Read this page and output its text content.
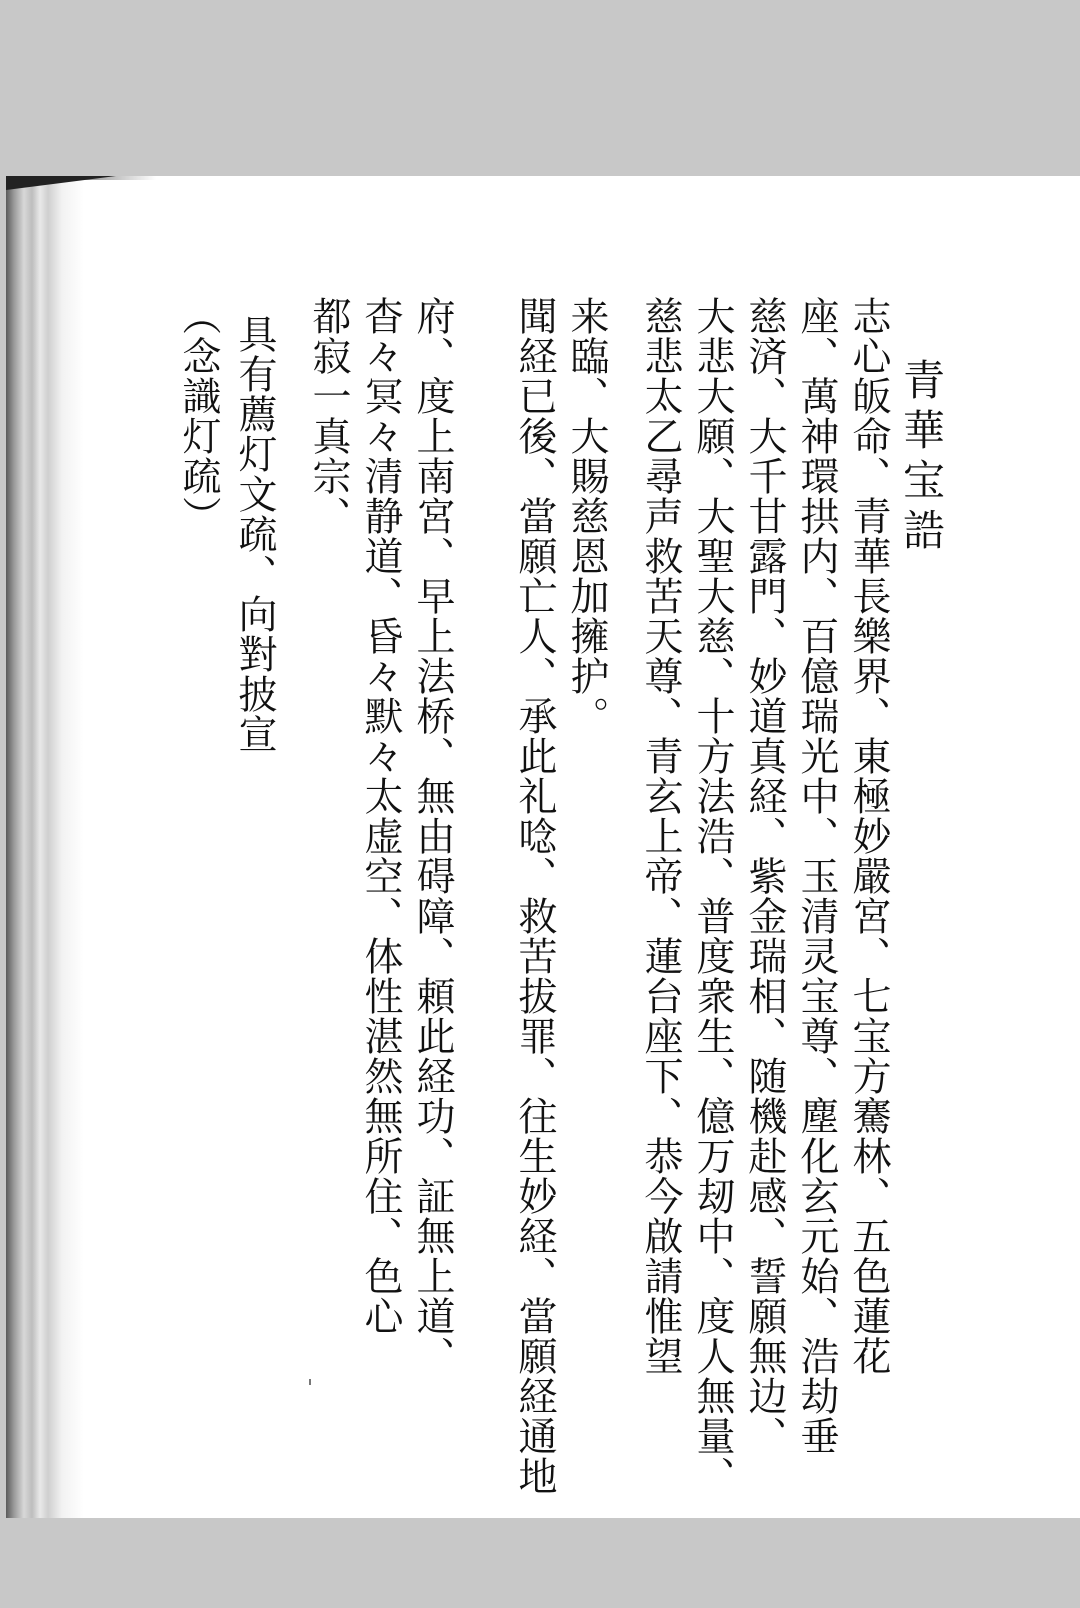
青華宝誥
志心皈命、青華長樂界、東極妙嚴宮、七宝方騫林、五色蓮花
座、萬神環拱内、百億瑞光中、玉清灵宝尊、塵化玄元始、浩劫垂
慈済、大千甘露門、妙道真経、紫金瑞相、随機赴感、誓願無边、
大悲大願、大聖大慈、十方法浩、普度衆生、億万刼中、度人無量、
慈悲太乙尋声救苦天尊、青玄上帝、蓮台座下、恭今啟請惟望
来臨、大賜慈恩加擁护。
聞経已後、當願亡人、承此礼唸、救苦拔罪、往生妙経、當願経通地
府、度上南宮、早上法桥、無由碍障、頼此経功、証無上道、
杳々冥々清静道、昏々默々太虚空、体性湛然無所住、色心
都寂一真宗、
具有薦灯文疏、向對披宣
（念識灯疏）
